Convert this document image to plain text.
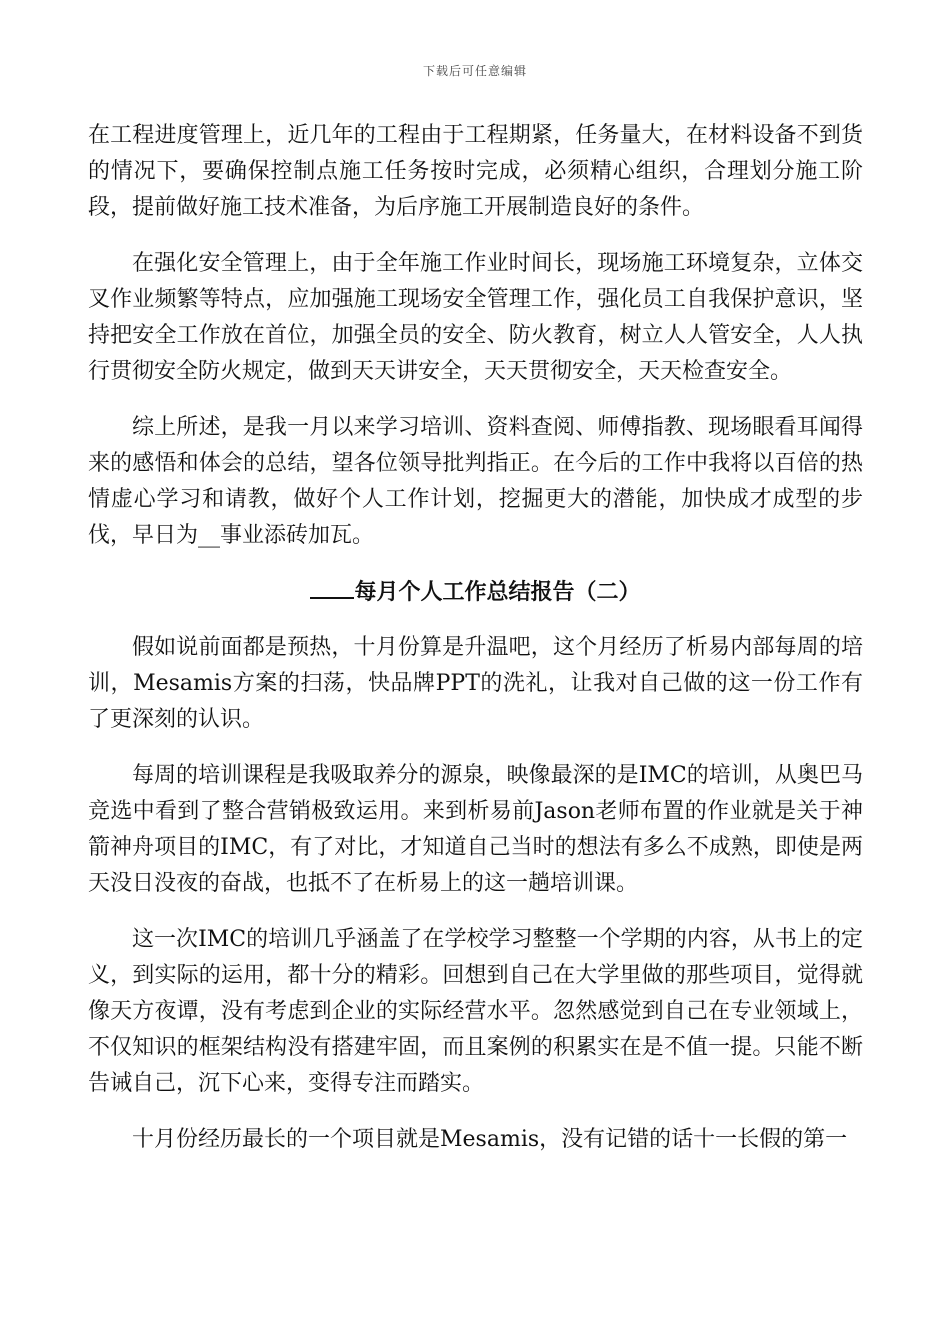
下载后可任意编辑

在工程进度管理上，近几年的工程由于工程期紧，任务量大，在材料设备不到货的情况下，要确保控制点施工任务按时完成，必须精心组织，合理划分施工阶段，提前做好施工技术准备，为后序施工开展制造良好的条件。

在强化安全管理上，由于全年施工作业时间长，现场施工环境复杂，立体交叉作业频繁等特点，应加强施工现场安全管理工作，强化员工自我保护意识，坚持把安全工作放在首位，加强全员的安全、防火教育，树立人人管安全，人人执行贯彻安全防火规定，做到天天讲安全，天天贯彻安全，天天检查安全。

综上所述，是我一月以来学习培训、资料查阅、师傅指教、现场眼看耳闻得来的感悟和体会的总结，望各位领导批判指正。在今后的工作中我将以百倍的热情虚心学习和请教，做好个人工作计划，挖掘更大的潜能，加快成才成型的步伐，早日为__事业添砖加瓦。

每月个人工作总结报告（二）

假如说前面都是预热，十月份算是升温吧，这个月经历了析易内部每周的培训，Mesamis方案的扫荡，快品牌PPT的洗礼，让我对自己做的这一份工作有了更深刻的认识。

每周的培训课程是我吸取养分的源泉，映像最深的是IMC的培训，从奥巴马竞选中看到了整合营销极致运用。来到析易前Jason老师布置的作业就是关于神箭神舟项目的IMC，有了对比，才知道自己当时的想法有多么不成熟，即使是两天没日没夜的奋战，也抵不了在析易上的这一趟培训课。

这一次IMC的培训几乎涵盖了在学校学习整整一个学期的内容，从书上的定义，到实际的运用，都十分的精彩。回想到自己在大学里做的那些项目，觉得就像天方夜谭，没有考虑到企业的实际经营水平。忽然感觉到自己在专业领域上，不仅知识的框架结构没有搭建牢固，而且案例的积累实在是不值一提。只能不断告诫自己，沉下心来，变得专注而踏实。

十月份经历最长的一个项目就是Mesamis，没有记错的话十一长假的第一
